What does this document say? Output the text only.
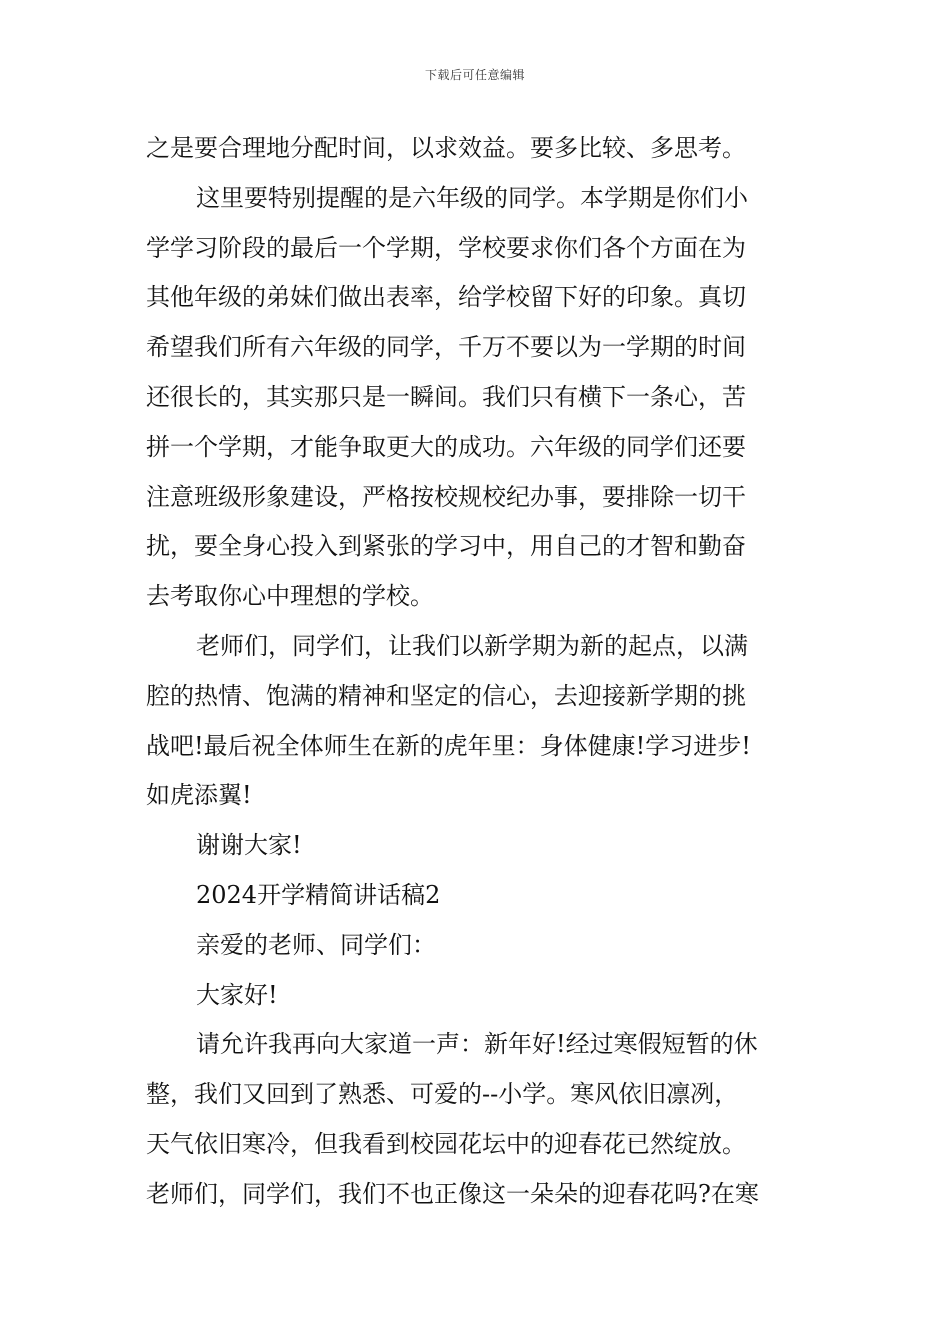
下载后可任意编辑
之是要合理地分配时间，以求效益。要多比较、多思考。
这里要特别提醒的是六年级的同学。本学期是你们小
学学习阶段的最后一个学期，学校要求你们各个方面在为
其他年级的弟妹们做出表率，给学校留下好的印象。真切
希望我们所有六年级的同学，千万不要以为一学期的时间
还很长的，其实那只是一瞬间。我们只有横下一条心，苦
拼一个学期，才能争取更大的成功。六年级的同学们还要
注意班级形象建设，严格按校规校纪办事，要排除一切干
扰，要全身心投入到紧张的学习中，用自己的才智和勤奋
去考取你心中理想的学校。
老师们，同学们，让我们以新学期为新的起点，以满
腔的热情、饱满的精神和坚定的信心，去迎接新学期的挑
战吧!最后祝全体师生在新的虎年里：身体健康!学习进步!
如虎添翼!
谢谢大家!
2024开学精简讲话稿2
亲爱的老师、同学们：
大家好!
请允许我再向大家道一声：新年好!经过寒假短暂的休
整，我们又回到了熟悉、可爱的--小学。寒风依旧凛冽，
天气依旧寒冷，但我看到校园花坛中的迎春花已然绽放。
老师们，同学们，我们不也正像这一朵朵的迎春花吗?在寒
